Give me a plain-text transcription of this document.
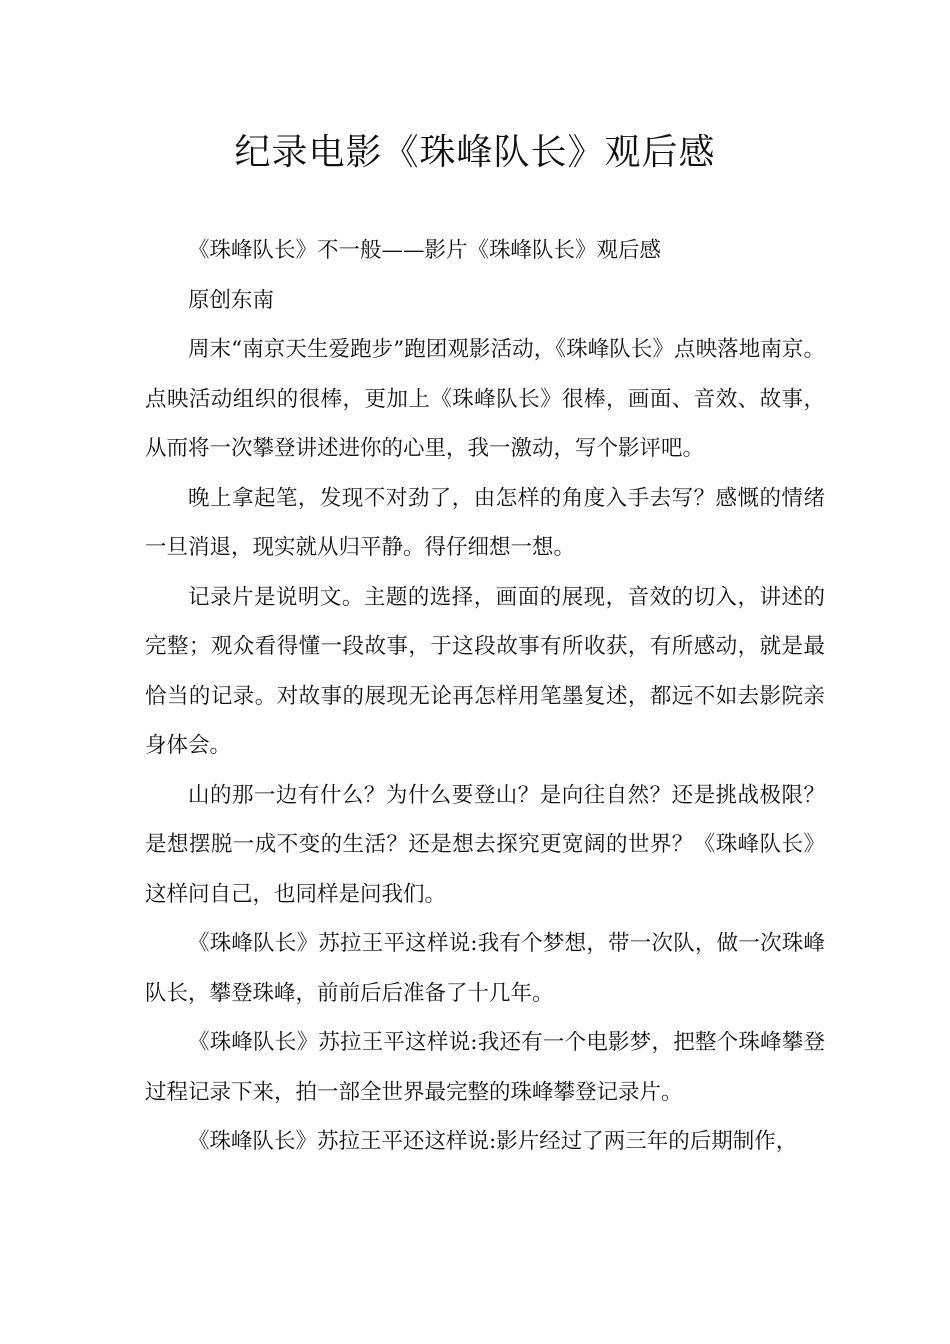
纪录电影《珠峰队长》观后感

《珠峰队长》不一般——影片《珠峰队长》观后感

原创东南

周末“南京天生爱跑步”跑团观影活动，《珠峰队长》点映落地南京。点映活动组织的很棒，更加上《珠峰队长》很棒，画面、音效、故事，从而将一次攀登讲述进你的心里，我一激动，写个影评吧。

晚上拿起笔，发现不对劲了，由怎样的角度入手去写？感慨的情绪一旦消退，现实就从归平静。得仔细想一想。

记录片是说明文。主题的选择，画面的展现，音效的切入，讲述的完整；观众看得懂一段故事，于这段故事有所收获，有所感动，就是最恰当的记录。对故事的展现无论再怎样用笔墨复述，都远不如去影院亲身体会。

山的那一边有什么？为什么要登山？是向往自然？还是挑战极限？是想摆脱一成不变的生活？还是想去探究更宽阔的世界？《珠峰队长》这样问自己，也同样是问我们。

《珠峰队长》苏拉王平这样说:我有个梦想，带一次队，做一次珠峰队长，攀登珠峰，前前后后准备了十几年。

《珠峰队长》苏拉王平这样说:我还有一个电影梦，把整个珠峰攀登过程记录下来，拍一部全世界最完整的珠峰攀登记录片。

《珠峰队长》苏拉王平还这样说:影片经过了两三年的后期制作，
